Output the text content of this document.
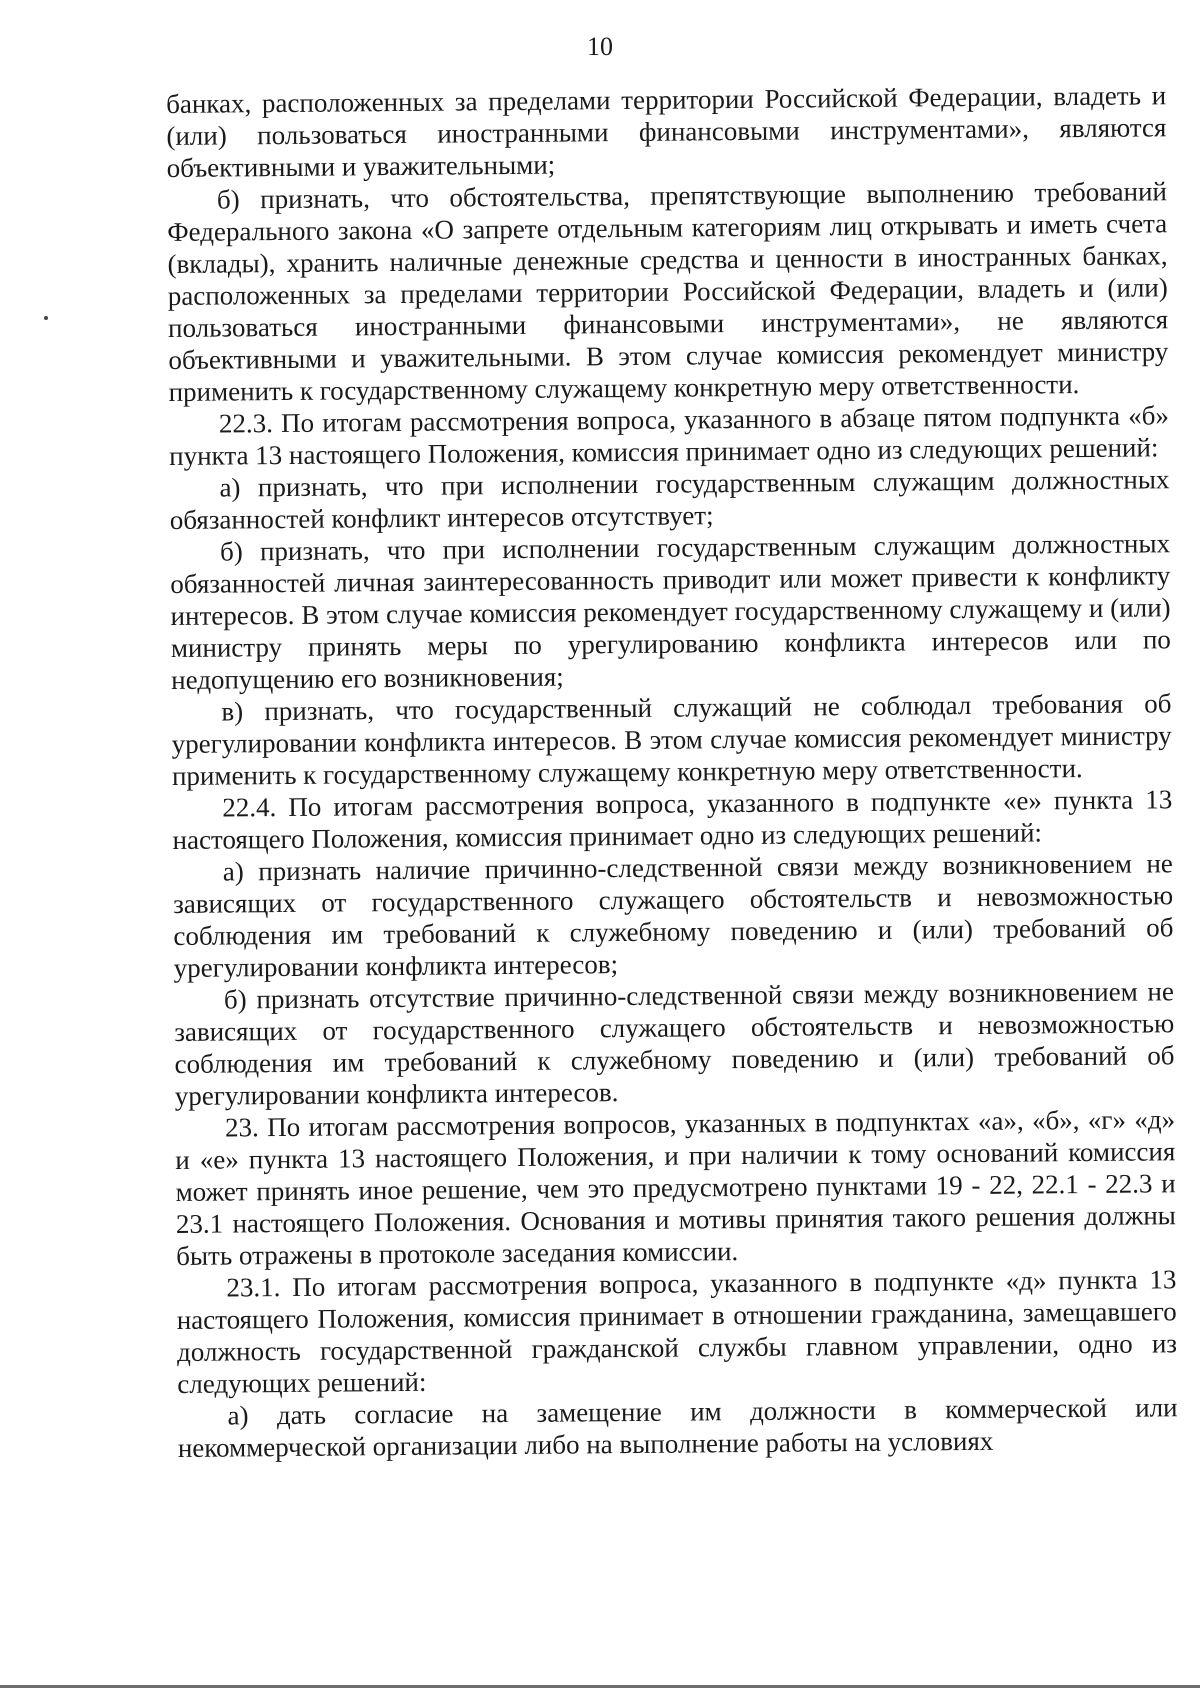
10

банках, расположенных за пределами территории Российской Федерации, владеть и (или) пользоваться иностранными финансовыми инструментами», являются объективными и уважительными;

б) признать, что обстоятельства, препятствующие выполнению требований Федерального закона «О запрете отдельным категориям лиц открывать и иметь счета (вклады), хранить наличные денежные средства и ценности в иностранных банках, расположенных за пределами территории Российской Федерации, владеть и (или) пользоваться иностранными финансовыми инструментами», не являются объективными и уважительными. В этом случае комиссия рекомендует министру применить к государственному служащему конкретную меру ответственности.

22.3. По итогам рассмотрения вопроса, указанного в абзаце пятом подпункта «б» пункта 13 настоящего Положения, комиссия принимает одно из следующих решений:

а) признать, что при исполнении государственным служащим должностных обязанностей конфликт интересов отсутствует;

б) признать, что при исполнении государственным служащим должностных обязанностей личная заинтересованность приводит или может привести к конфликту интересов. В этом случае комиссия рекомендует государственному служащему и (или) министру принять меры по урегулированию конфликта интересов или по недопущению его возникновения;

в) признать, что государственный служащий не соблюдал требования об урегулировании конфликта интересов. В этом случае комиссия рекомендует министру применить к государственному служащему конкретную меру ответственности.

22.4. По итогам рассмотрения вопроса, указанного в подпункте «е» пункта 13 настоящего Положения, комиссия принимает одно из следующих решений:

а) признать наличие причинно-следственной связи между возникновением не зависящих от государственного служащего обстоятельств и невозможностью соблюдения им требований к служебному поведению и (или) требований об урегулировании конфликта интересов;

б) признать отсутствие причинно-следственной связи между возникновением не зависящих от государственного служащего обстоятельств и невозможностью соблюдения им требований к служебному поведению и (или) требований об урегулировании конфликта интересов.

23. По итогам рассмотрения вопросов, указанных в подпунктах «а», «б», «г» «д» и «е» пункта 13 настоящего Положения, и при наличии к тому оснований комиссия может принять иное решение, чем это предусмотрено пунктами 19 - 22, 22.1 - 22.3 и 23.1 настоящего Положения. Основания и мотивы принятия такого решения должны быть отражены в протоколе заседания комиссии.

23.1. По итогам рассмотрения вопроса, указанного в подпункте «д» пункта 13 настоящего Положения, комиссия принимает в отношении гражданина, замещавшего должность государственной гражданской службы главном управлении, одно из следующих решений:

а) дать согласие на замещение им должности в коммерческой или некоммерческой организации либо на выполнение работы на условиях
